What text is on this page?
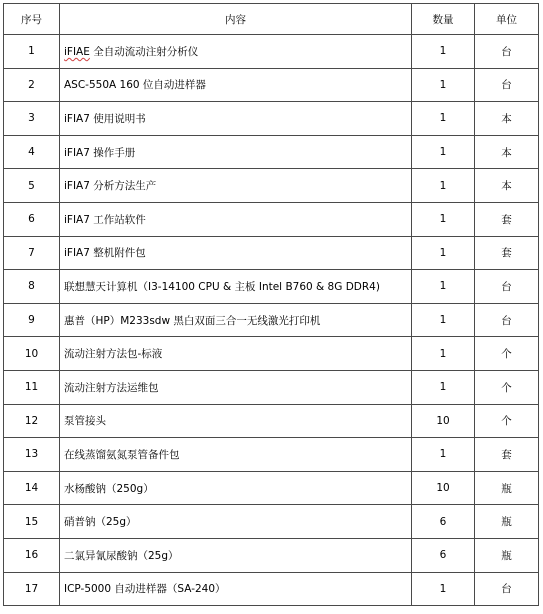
序号	内容	数量	单位
1	iFIAE 全自动流动注射分析仪	1	台
2	ASC-550A 160 位自动进样器	1	台
3	iFIA7 使用说明书	1	本
4	iFIA7 操作手册	1	本
5	iFIA7 分析方法生产	1	本
6	iFIA7 工作站软件	1	套
7	iFIA7 整机附件包	1	套
8	联想慧天计算机（I3-14100 CPU & 主板 Intel B760 & 8G DDR4)	1	台
9	惠普（HP）M233sdw 黑白双面三合一无线激光打印机	1	台
10	流动注射方法包-标液	1	个
11	流动注射方法运维包	1	个
12	泵管接头	10	个
13	在线蒸馏氨氮泵管备件包	1	套
14	水杨酸钠（250g）	10	瓶
15	硝普钠（25g）	6	瓶
16	二氯异氰尿酸钠（25g）	6	瓶
17	ICP-5000 自动进样器（SA-240）	1	台
